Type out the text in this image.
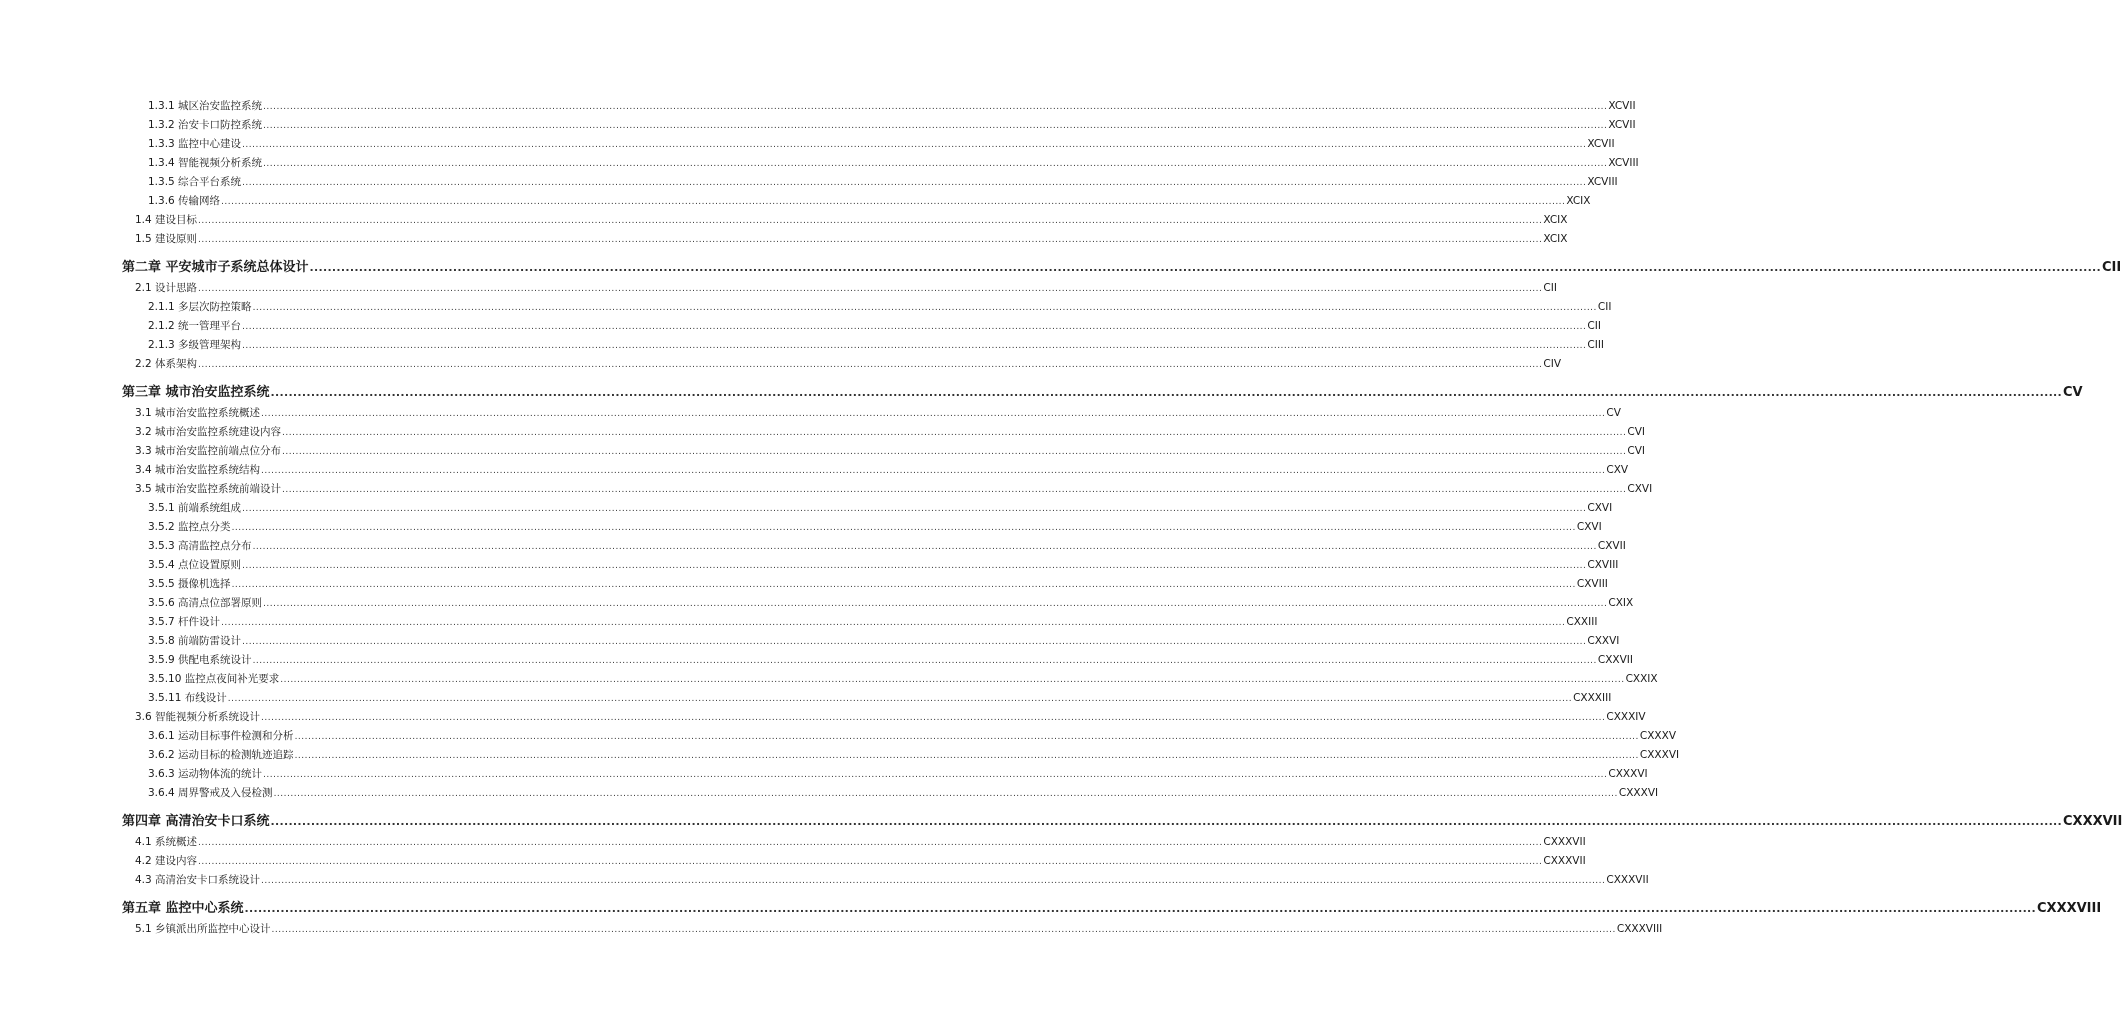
1.3.1 城区治安监控系统 ................................................................................................................................................................................................................................................................................................................................................................................................................ XCVII
1.3.2 治安卡口防控系统 ................................................................................................................................................................................................................................................................................................................................................................................................................ XCVII
1.3.3 监控中心建设 ................................................................................................................................................................................................................................................................................................................................................................................................................ XCVII
1.3.4 智能视频分析系统 ................................................................................................................................................................................................................................................................................................................................................................................................................ XCVIII
1.3.5 综合平台系统 ................................................................................................................................................................................................................................................................................................................................................................................................................ XCVIII
1.3.6 传输网络 ................................................................................................................................................................................................................................................................................................................................................................................................................ XCIX
1.4 建设目标 ................................................................................................................................................................................................................................................................................................................................................................................................................ XCIX
1.5 建设原则 ................................................................................................................................................................................................................................................................................................................................................................................................................ XCIX
第二章 平安城市子系统总体设计 ................................................................................................................................................................................................................................................................................................................................................................................................................ CII
2.1 设计思路 ................................................................................................................................................................................................................................................................................................................................................................................................................ CII
2.1.1 多层次防控策略 ................................................................................................................................................................................................................................................................................................................................................................................................................ CII
2.1.2 统一管理平台 ................................................................................................................................................................................................................................................................................................................................................................................................................ CII
2.1.3 多级管理架构 ................................................................................................................................................................................................................................................................................................................................................................................................................ CIII
2.2 体系架构 ................................................................................................................................................................................................................................................................................................................................................................................................................ CIV
第三章 城市治安监控系统 ................................................................................................................................................................................................................................................................................................................................................................................................................ CV
3.1 城市治安监控系统概述 ................................................................................................................................................................................................................................................................................................................................................................................................................ CV
3.2 城市治安监控系统建设内容 ................................................................................................................................................................................................................................................................................................................................................................................................................ CVI
3.3 城市治安监控前端点位分布 ................................................................................................................................................................................................................................................................................................................................................................................................................ CVI
3.4 城市治安监控系统结构 ................................................................................................................................................................................................................................................................................................................................................................................................................ CXV
3.5 城市治安监控系统前端设计 ................................................................................................................................................................................................................................................................................................................................................................................................................ CXVI
3.5.1 前端系统组成 ................................................................................................................................................................................................................................................................................................................................................................................................................ CXVI
3.5.2 监控点分类 ................................................................................................................................................................................................................................................................................................................................................................................................................ CXVI
3.5.3 高清监控点分布 ................................................................................................................................................................................................................................................................................................................................................................................................................ CXVII
3.5.4 点位设置原则 ................................................................................................................................................................................................................................................................................................................................................................................................................ CXVIII
3.5.5 摄像机选择 ................................................................................................................................................................................................................................................................................................................................................................................................................ CXVIII
3.5.6 高清点位部署原则 ................................................................................................................................................................................................................................................................................................................................................................................................................ CXIX
3.5.7 杆件设计 ................................................................................................................................................................................................................................................................................................................................................................................................................ CXXIII
3.5.8 前端防雷设计 ................................................................................................................................................................................................................................................................................................................................................................................................................ CXXVI
3.5.9 供配电系统设计 ................................................................................................................................................................................................................................................................................................................................................................................................................ CXXVII
3.5.10 监控点夜间补光要求 ................................................................................................................................................................................................................................................................................................................................................................................................................ CXXIX
3.5.11 布线设计 ................................................................................................................................................................................................................................................................................................................................................................................................................ CXXXIII
3.6 智能视频分析系统设计 ................................................................................................................................................................................................................................................................................................................................................................................................................ CXXXIV
3.6.1 运动目标事件检测和分析 ................................................................................................................................................................................................................................................................................................................................................................................................................ CXXXV
3.6.2 运动目标的检测轨迹追踪 ................................................................................................................................................................................................................................................................................................................................................................................................................ CXXXVI
3.6.3 运动物体流的统计 ................................................................................................................................................................................................................................................................................................................................................................................................................ CXXXVI
3.6.4 周界警戒及入侵检测 ................................................................................................................................................................................................................................................................................................................................................................................................................ CXXXVI
第四章 高清治安卡口系统 ................................................................................................................................................................................................................................................................................................................................................................................................................ CXXXVII
4.1 系统概述 ................................................................................................................................................................................................................................................................................................................................................................................................................ CXXXVII
4.2 建设内容 ................................................................................................................................................................................................................................................................................................................................................................................................................ CXXXVII
4.3 高清治安卡口系统设计 ................................................................................................................................................................................................................................................................................................................................................................................................................ CXXXVII
第五章 监控中心系统 ................................................................................................................................................................................................................................................................................................................................................................................................................ CXXXVIII
5.1 乡镇派出所监控中心设计 ................................................................................................................................................................................................................................................................................................................................................................................................................ CXXXVIII
